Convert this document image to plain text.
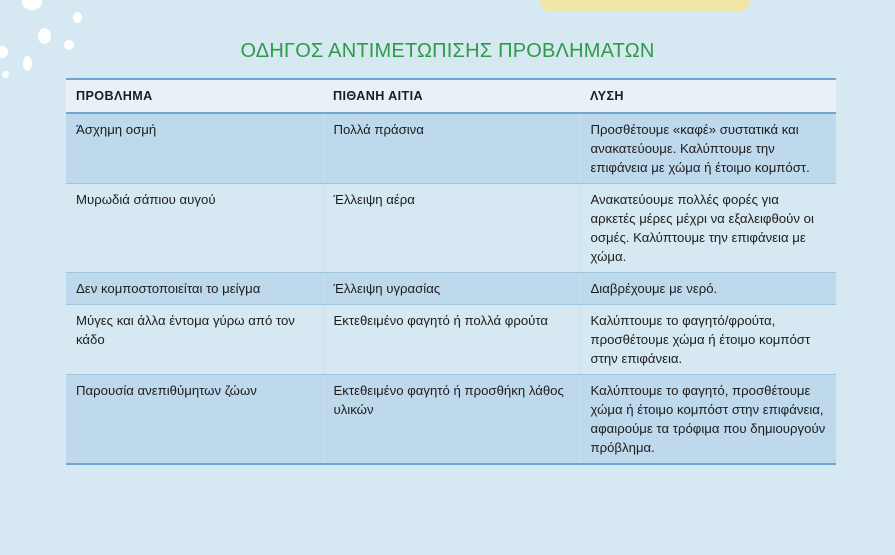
ΟΔΗΓΟΣ ΑΝΤΙΜΕΤΩΠΙΣΗΣ ΠΡΟΒΛΗΜΑΤΩΝ
ΠΡΟΒΛΗΜΑ	ΠΙΘΑΝΗ ΑΙΤΙΑ	ΛΥΣΗ
Άσχημη οσμή	Πολλά πράσινα	Προσθέτουμε «καφέ» συστατικά και ανακατεύουμε. Καλύπτουμε την επιφάνεια με χώμα ή έτοιμο κομπόστ.
Μυρωδιά σάπιου αυγού	Έλλειψη αέρα	Ανακατεύουμε πολλές φορές για αρκετές μέρες μέχρι να εξαλειφθούν οι οσμές. Καλύπτουμε την επιφάνεια με χώμα.
Δεν κομποστοποιείται το μείγμα	Έλλειψη υγρασίας	Διαβρέχουμε με νερό.
Μύγες και άλλα έντομα γύρω από τον κάδο	Εκτεθειμένο φαγητό ή πολλά φρούτα	Καλύπτουμε το φαγητό/φρούτα, προσθέτουμε χώμα ή έτοιμο κομπόστ στην επιφάνεια.
Παρουσία ανεπιθύμητων ζώων	Εκτεθειμένο φαγητό ή προσθήκη λάθος υλικών	Καλύπτουμε το φαγητό, προσθέτουμε χώμα ή έτοιμο κομπόστ στην επιφάνεια, αφαιρούμε τα τρόφιμα που δημιουργούν πρόβλημα.
